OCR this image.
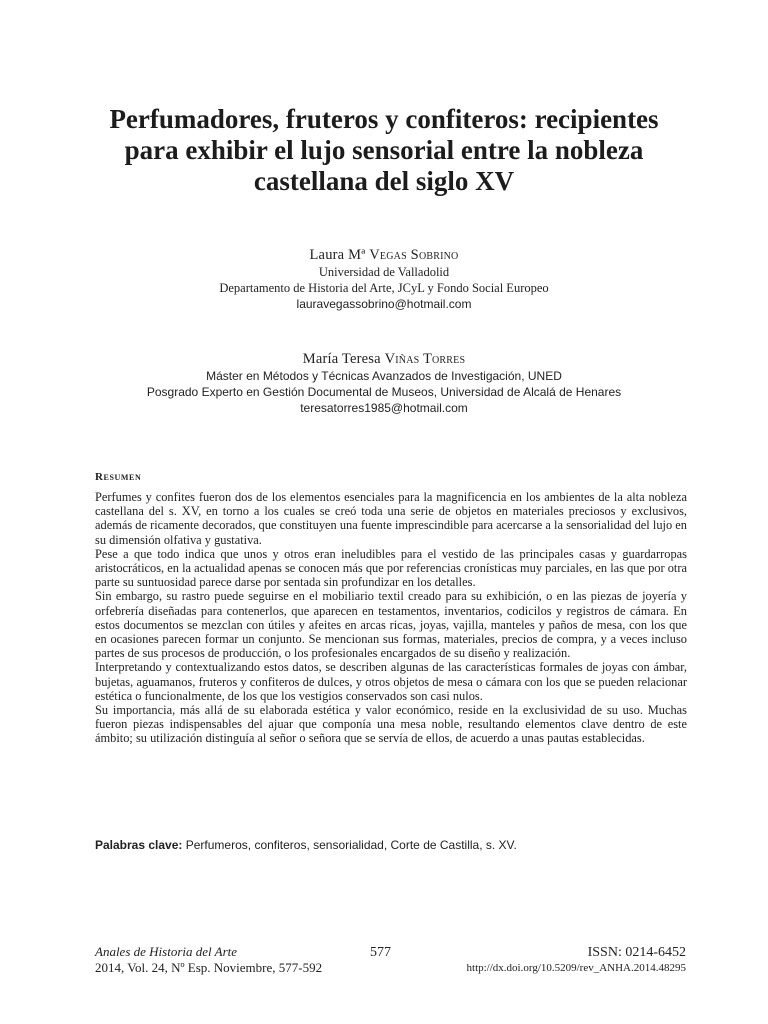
Perfumadores, fruteros y confiteros: recipientes
para exhibir el lujo sensorial entre la nobleza
castellana del siglo XV
Laura Mª Vegas Sobrino
Universidad de Valladolid
Departamento de Historia del Arte, JCyL y Fondo Social Europeo
lauravegassobrino@hotmail.com
María Teresa Viñas Torres
Máster en Métodos y Técnicas Avanzados de Investigación, UNED
Posgrado Experto en Gestión Documental de Museos, Universidad de Alcalá de Henares
teresatorres1985@hotmail.com
Resumen

Perfumes y confites fueron dos de los elementos esenciales para la magnificencia en los ambientes de la alta nobleza castellana del s. XV, en torno a los cuales se creó toda una serie de objetos en materiales preciosos y exclusivos, además de ricamente decorados, que constituyen una fuente imprescindible para acercarse a la sensorialidad del lujo en su dimensión olfativa y gustativa.

Pese a que todo indica que unos y otros eran ineludibles para el vestido de las principales casas y guardarropas aristocráticos, en la actualidad apenas se conocen más que por referencias cronísticas muy parciales, en las que por otra parte su suntuosidad parece darse por sentada sin profundizar en los detalles.

Sin embargo, su rastro puede seguirse en el mobiliario textil creado para su exhibición, o en las piezas de joyería y orfebrería diseñadas para contenerlos, que aparecen en testamentos, inventarios, codicilos y registros de cámara. En estos documentos se mezclan con útiles y afeites en arcas ricas, joyas, vajilla, manteles y paños de mesa, con los que en ocasiones parecen formar un conjunto. Se mencionan sus formas, materiales, precios de compra, y a veces incluso partes de sus procesos de producción, o los profesionales encargados de su diseño y realización.

Interpretando y contextualizando estos datos, se describen algunas de las características formales de joyas con ámbar, bujetas, aguamanos, fruteros y confiteros de dulces, y otros objetos de mesa o cámara con los que se pueden relacionar estética o funcionalmente, de los que los vestigios conservados son casi nulos.

Su importancia, más allá de su elaborada estética y valor económico, reside en la exclusividad de su uso. Muchas fueron piezas indispensables del ajuar que componía una mesa noble, resultando elementos clave dentro de este ámbito; su utilización distinguía al señor o señora que se servía de ellos, de acuerdo a unas pautas establecidas.

Palabras clave: Perfumeros, confiteros, sensorialidad, Corte de Castilla, s. XV.
Anales de Historia del Arte
2014, Vol. 24, Nº Esp. Noviembre, 577-592
577	ISSN: 0214-6452
http://dx.doi.org/10.5209/rev_ANHA.2014.48295
